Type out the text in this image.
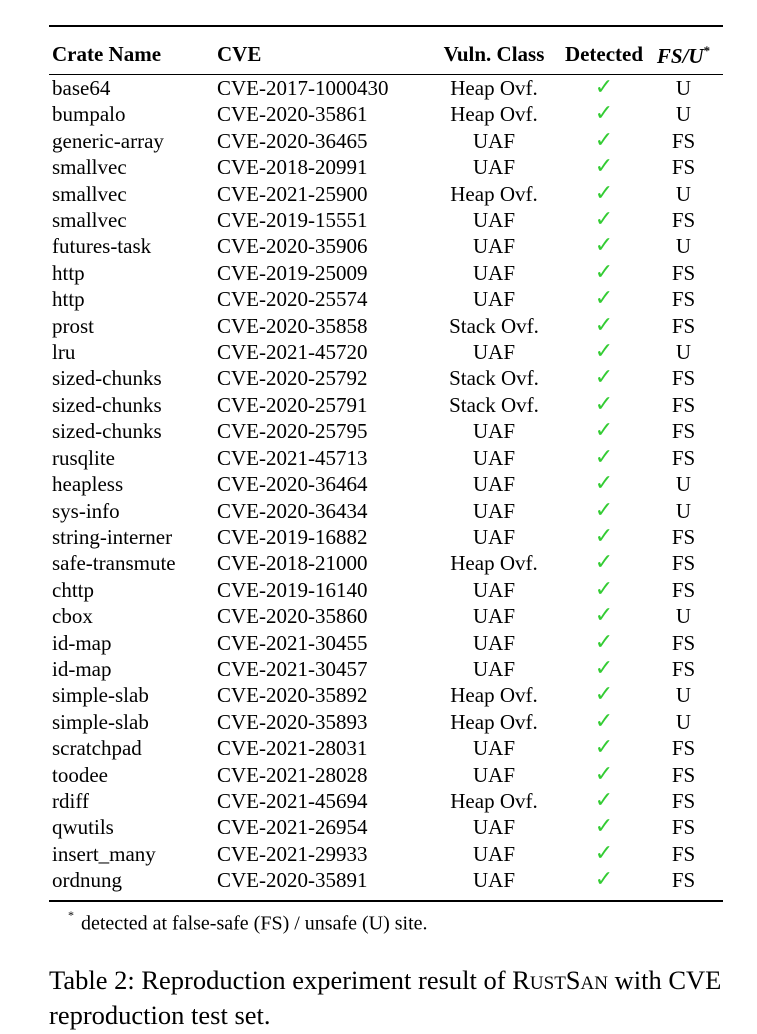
Crate Name	CVE	Vuln. Class	Detected	FS/U*

base64	CVE-2017-1000430	Heap Ovf.	✓	U
bumpalo	CVE-2020-35861	Heap Ovf.	✓	U
generic-array	CVE-2020-36465	UAF	✓	FS
smallvec	CVE-2018-20991	UAF	✓	FS
smallvec	CVE-2021-25900	Heap Ovf.	✓	U
smallvec	CVE-2019-15551	UAF	✓	FS
futures-task	CVE-2020-35906	UAF	✓	U
http	CVE-2019-25009	UAF	✓	FS
http	CVE-2020-25574	UAF	✓	FS
prost	CVE-2020-35858	Stack Ovf.	✓	FS
lru	CVE-2021-45720	UAF	✓	U
sized-chunks	CVE-2020-25792	Stack Ovf.	✓	FS
sized-chunks	CVE-2020-25791	Stack Ovf.	✓	FS
sized-chunks	CVE-2020-25795	UAF	✓	FS
rusqlite	CVE-2021-45713	UAF	✓	FS
heapless	CVE-2020-36464	UAF	✓	U
sys-info	CVE-2020-36434	UAF	✓	U
string-interner	CVE-2019-16882	UAF	✓	FS
safe-transmute	CVE-2018-21000	Heap Ovf.	✓	FS
chttp	CVE-2019-16140	UAF	✓	FS
cbox	CVE-2020-35860	UAF	✓	U
id-map	CVE-2021-30455	UAF	✓	FS
id-map	CVE-2021-30457	UAF	✓	FS
simple-slab	CVE-2020-35892	Heap Ovf.	✓	U
simple-slab	CVE-2020-35893	Heap Ovf.	✓	U
scratchpad	CVE-2021-28031	UAF	✓	FS
toodee	CVE-2021-28028	UAF	✓	FS
rdiff	CVE-2021-45694	Heap Ovf.	✓	FS
qwutils	CVE-2021-26954	UAF	✓	FS
insert_many	CVE-2021-29933	UAF	✓	FS
ordnung	CVE-2020-35891	UAF	✓	FS
* detected at false-safe (FS) / unsafe (U) site.
Table 2: Reproduction experiment result of RustSan with CVE reproduction test set.
